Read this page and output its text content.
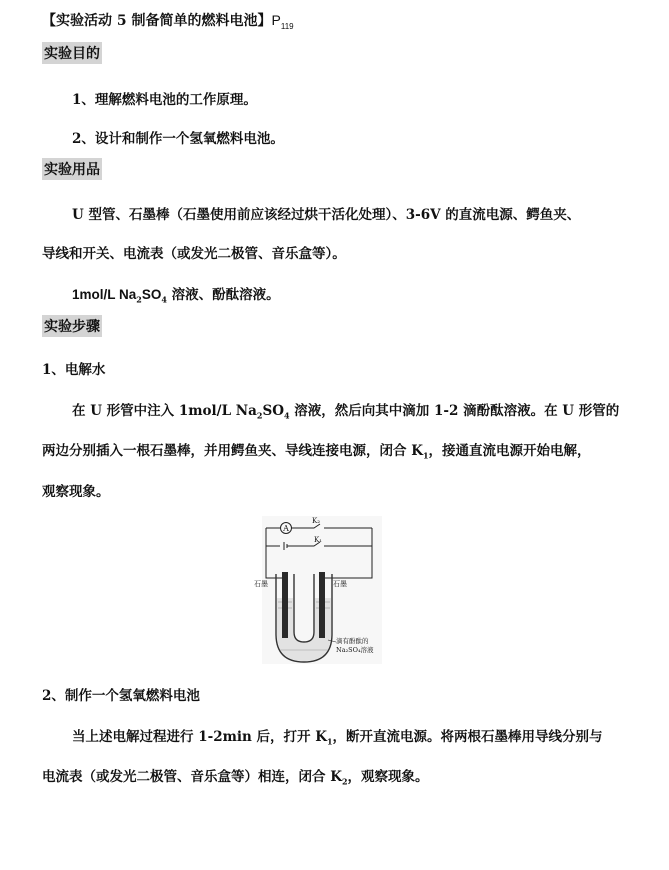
【实验活动 5 制备简单的燃料电池】$P_{119}$
实验目的
1、理解燃料电池的工作原理。
2、设计和制作一个氢氧燃料电池。
实验用品
U 型管、石墨棒（石墨使用前应该经过烘干活化处理）、3-6V 的直流电源、鳄鱼夹、
导线和开关、电流表（或发光二极管、音乐盒等）。
1mol/L $Na_2SO_4$ 溶液、酚酞溶液。
实验步骤
1、电解水
在 U 形管中注入 1mol/L $Na_2SO_4$ 溶液，然后向其中滴加 1-2 滴酚酞溶液。在 U 形管的
两边分别插入一根石墨棒，并用鳄鱼夹、导线连接电源，闭合 $K_1$，接通直流电源开始电解，
观察现象。
A
K₂
K₁
石墨	石墨
滴有酚酞的
Na₂SO₄溶液
2、制作一个氢氧燃料电池
当上述电解过程进行 1-2min 后，打开 $K_1$，断开直流电源。将两根石墨棒用导线分别与
电流表（或发光二极管、音乐盒等）相连，闭合 $K_2$，观察现象。
